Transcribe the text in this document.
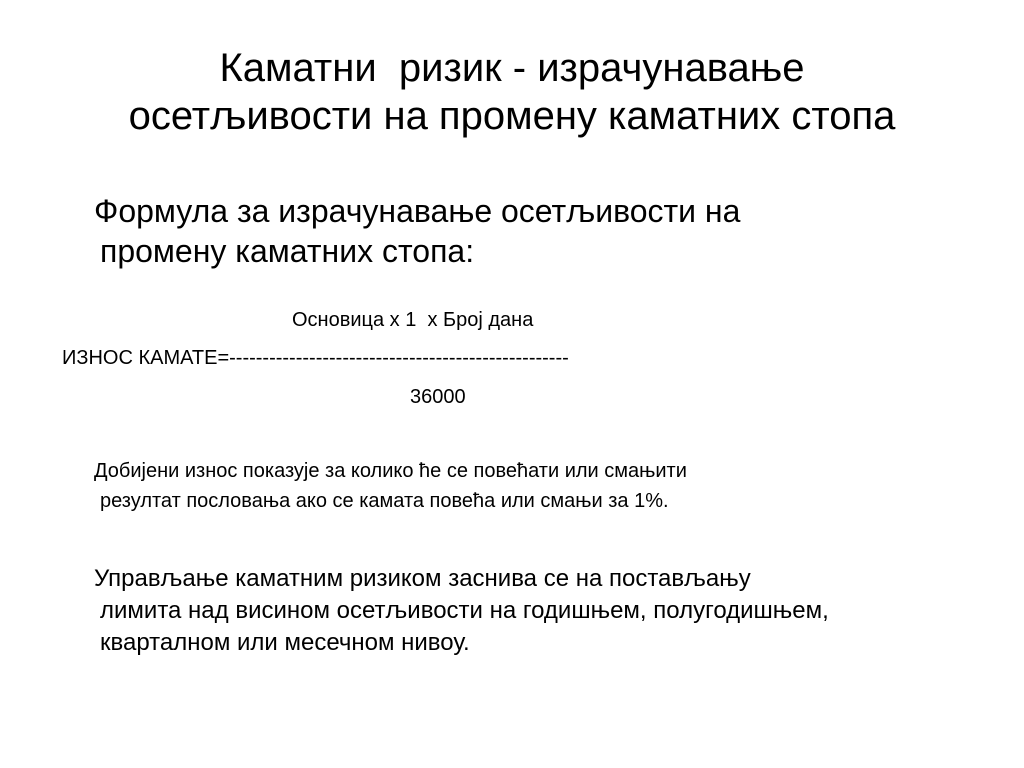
Каматни  ризик - израчунавање
осетљивости на промену каматних стопа
Формула за израчунавање осетљивости на
промену каматних стопа:
Основица х 1  х Број дана
ИЗНОС КАМАТЕ=---------------------------------------------------
36000
Добијени износ показује за колико ће се повећати или смањити
резултат пословања ако се камата повећа или смањи за 1%.
Управљање каматним ризиком заснива се на постављању
лимита над висином осетљивости на годишњем, полугодишњем,
кварталном или месечном нивоу.
